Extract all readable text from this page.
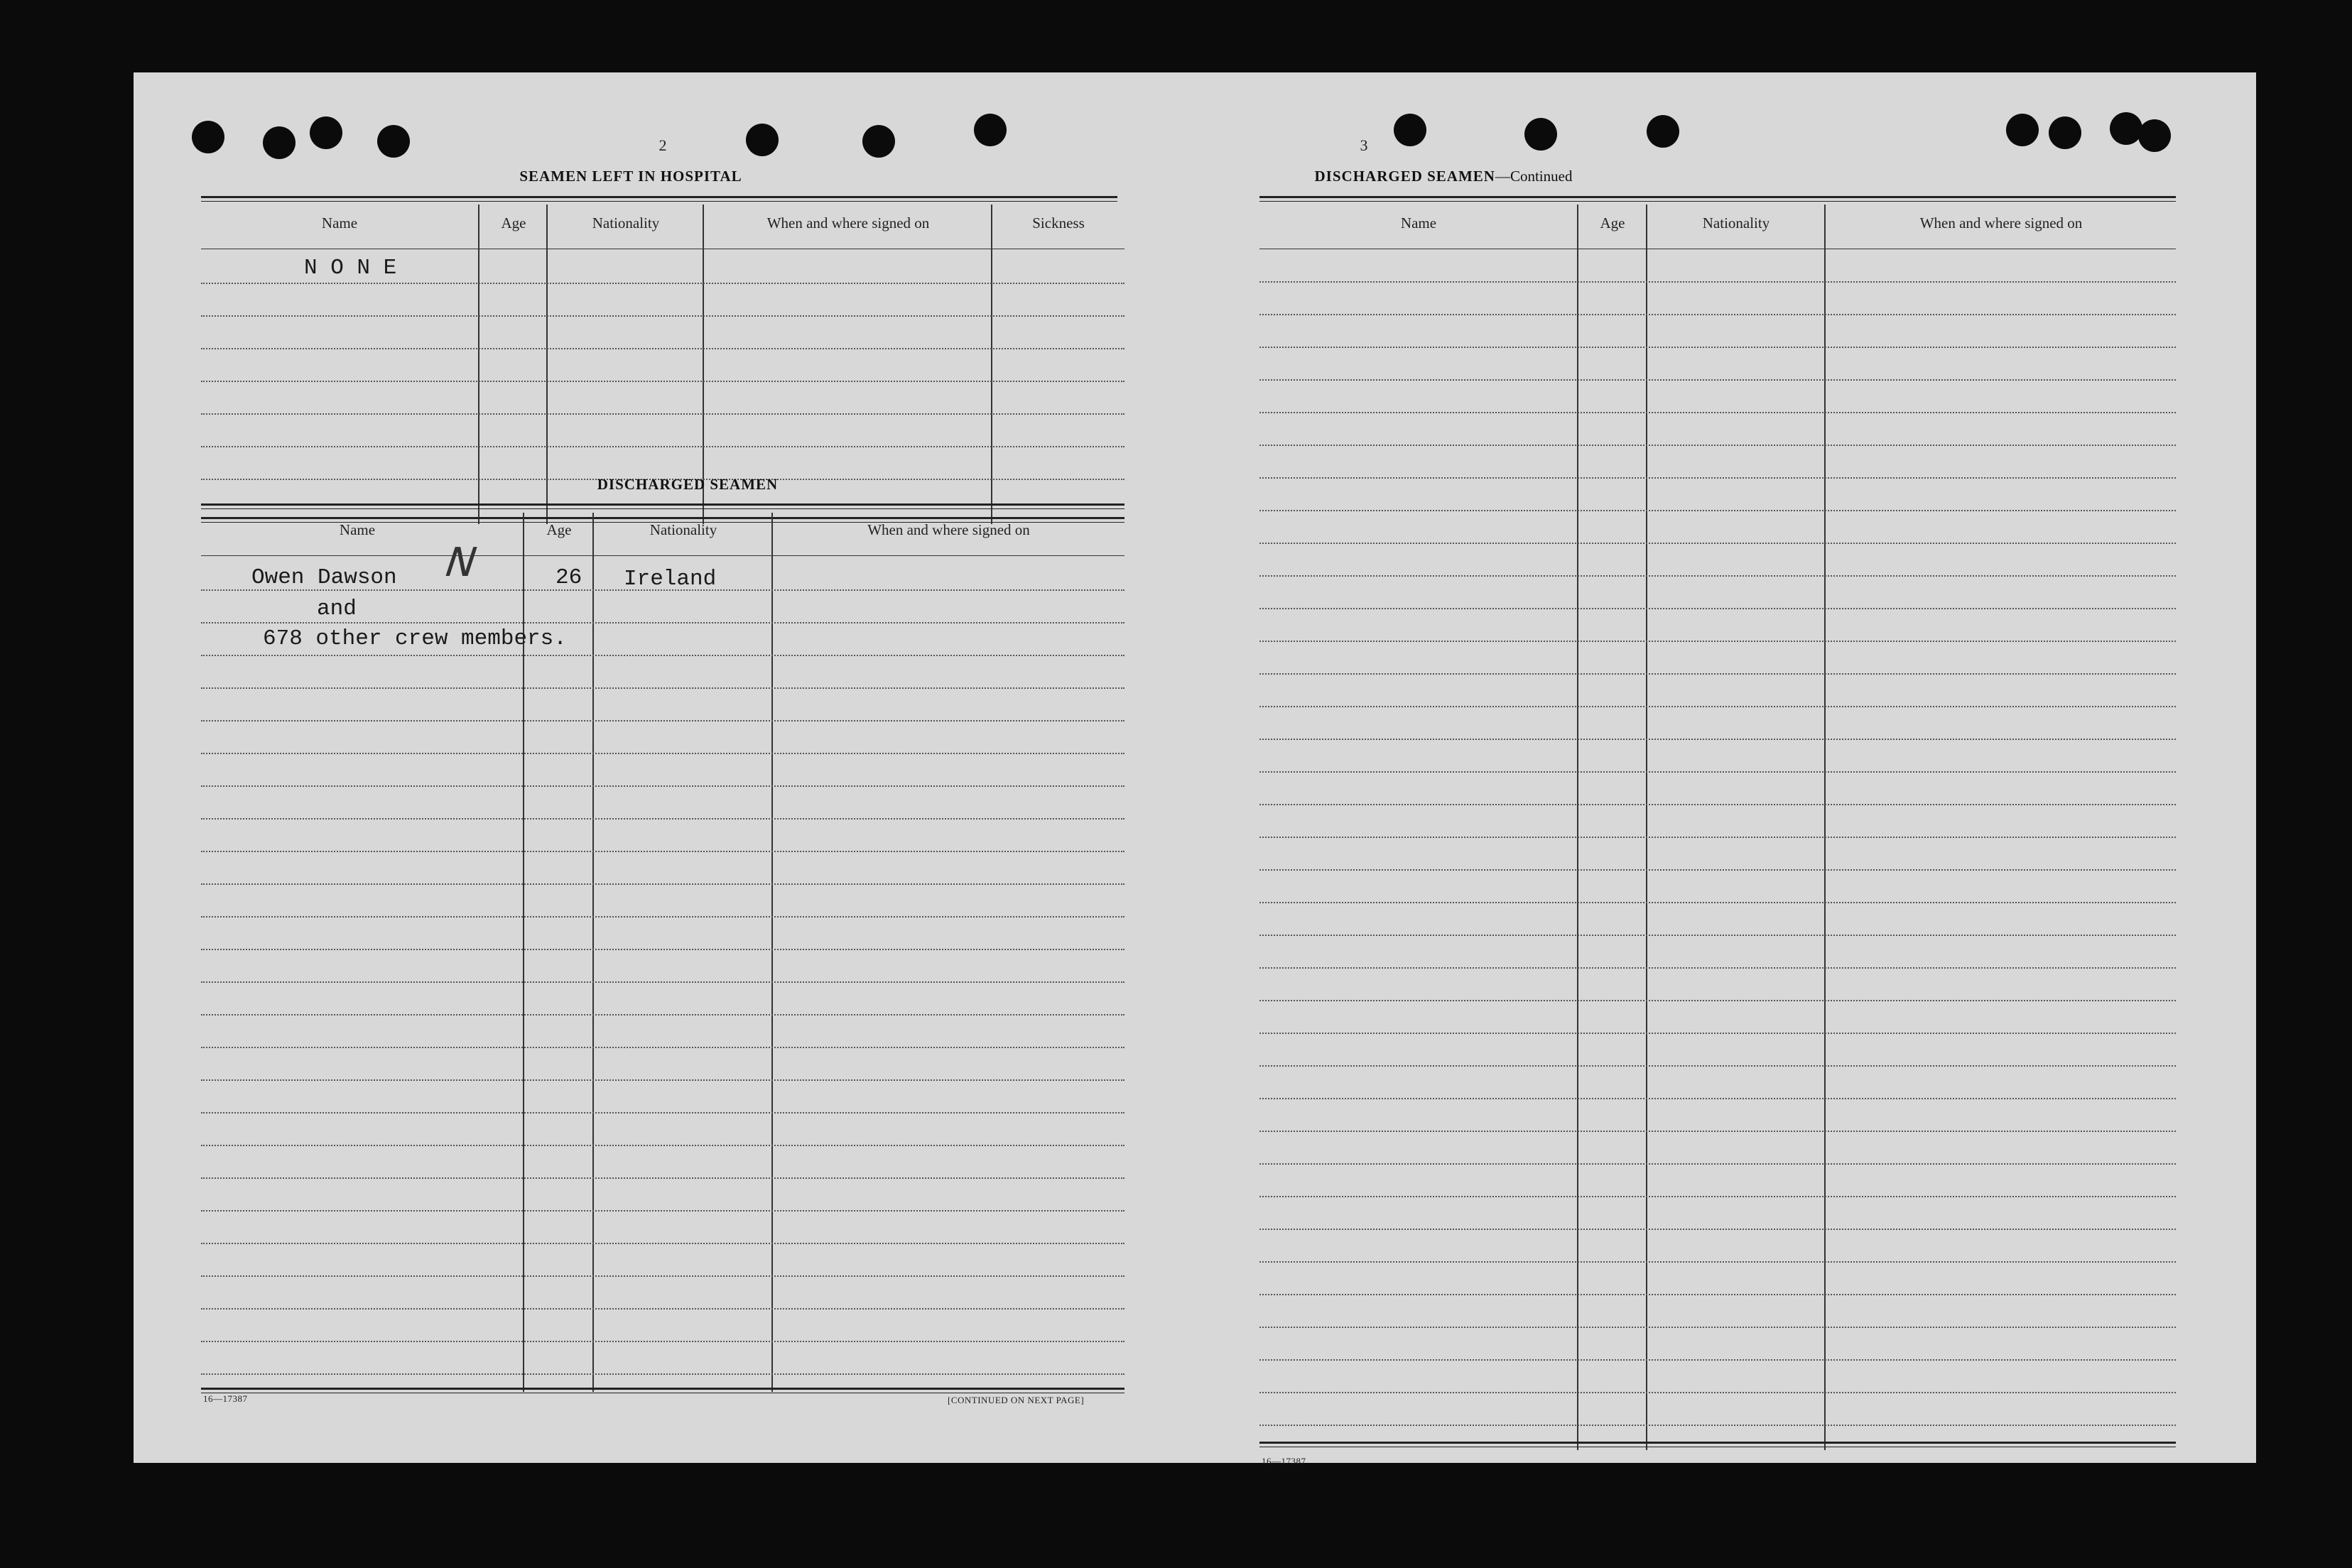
2
SEAMEN LEFT IN HOSPITAL
Name	Age	Nationality	When and where signed on	Sickness
N O N E
DISCHARGED SEAMEN
Name	Age	Nationality	When and where signed on
Owen Dawson N	26 Ireland
and
678 other crew members.
16—17387	[CONTINUED ON NEXT PAGE]
3
DISCHARGED SEAMEN—Continued
Name	Age	Nationality	When and where signed on
16—17387
